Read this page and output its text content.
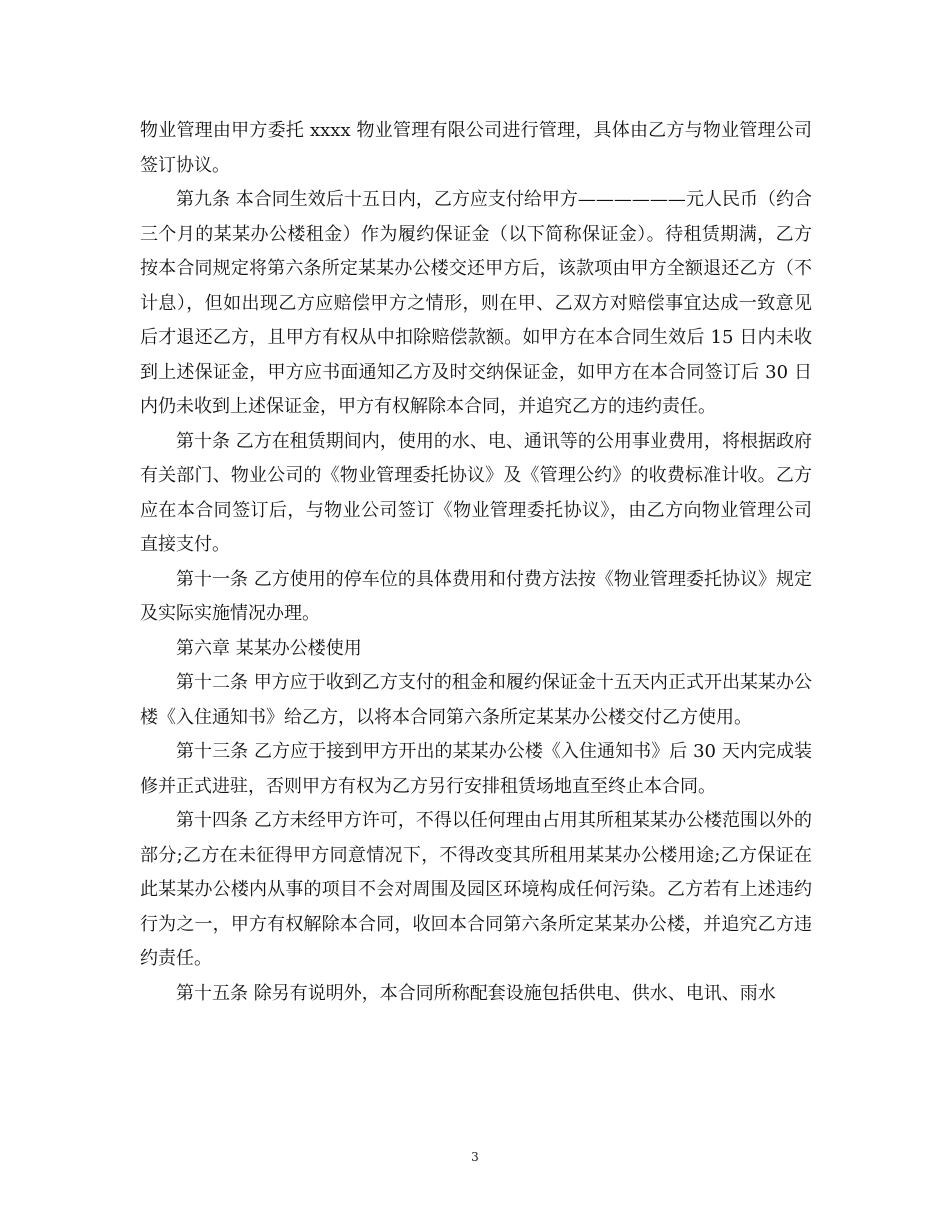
物业管理由甲方委托 xxxx 物业管理有限公司进行管理，具体由乙方与物业管理公司签订协议。

第九条 本合同生效后十五日内，乙方应支付给甲方——————元人民币（约合三个月的某某办公楼租金）作为履约保证金（以下简称保证金）。待租赁期满，乙方按本合同规定将第六条所定某某办公楼交还甲方后，该款项由甲方全额退还乙方（不计息），但如出现乙方应赔偿甲方之情形，则在甲、乙双方对赔偿事宜达成一致意见后才退还乙方，且甲方有权从中扣除赔偿款额。如甲方在本合同生效后 15 日内未收到上述保证金，甲方应书面通知乙方及时交纳保证金，如甲方在本合同签订后 30 日内仍未收到上述保证金，甲方有权解除本合同，并追究乙方的违约责任。

第十条 乙方在租赁期间内，使用的水、电、通讯等的公用事业费用，将根据政府有关部门、物业公司的《物业管理委托协议》及《管理公约》的收费标准计收。乙方应在本合同签订后，与物业公司签订《物业管理委托协议》，由乙方向物业管理公司直接支付。

第十一条 乙方使用的停车位的具体费用和付费方法按《物业管理委托协议》规定及实际实施情况办理。

第六章 某某办公楼使用

第十二条 甲方应于收到乙方支付的租金和履约保证金十五天内正式开出某某办公楼《入住通知书》给乙方，以将本合同第六条所定某某办公楼交付乙方使用。

第十三条 乙方应于接到甲方开出的某某办公楼《入住通知书》后 30 天内完成装修并正式进驻，否则甲方有权为乙方另行安排租赁场地直至终止本合同。

第十四条 乙方未经甲方许可，不得以任何理由占用其所租某某办公楼范围以外的部分;乙方在未征得甲方同意情况下，不得改变其所租用某某办公楼用途;乙方保证在此某某办公楼内从事的项目不会对周围及园区环境构成任何污染。乙方若有上述违约行为之一，甲方有权解除本合同，收回本合同第六条所定某某办公楼，并追究乙方违约责任。

第十五条 除另有说明外，本合同所称配套设施包括供电、供水、电讯、雨水

3
